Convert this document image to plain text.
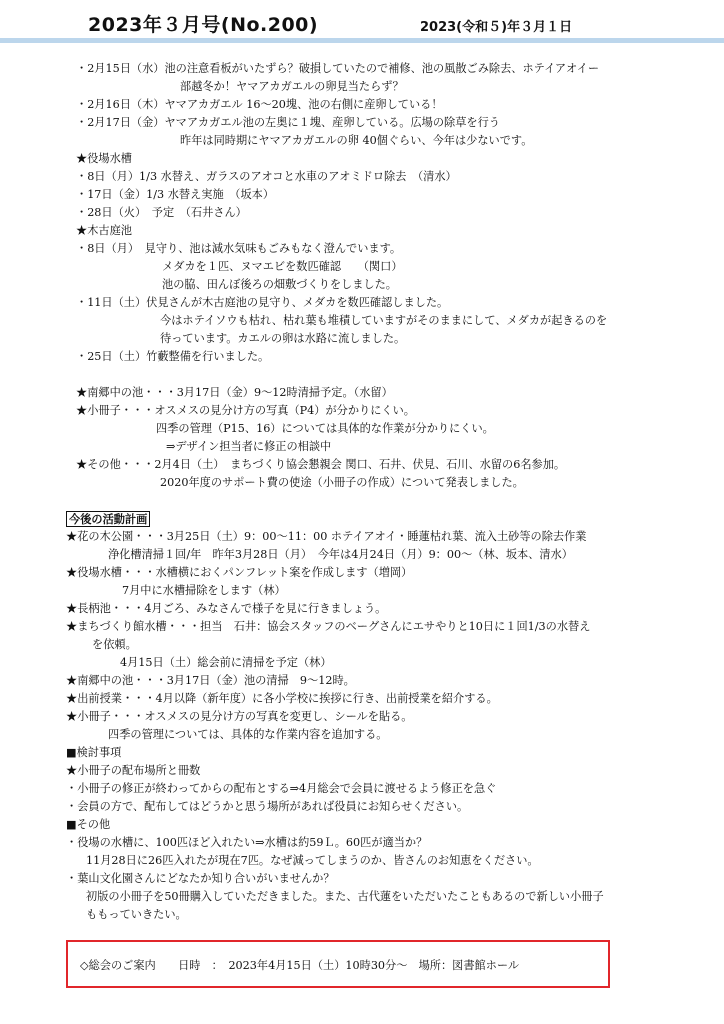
2023年３月号(No.200)	2023(令和５)年３月１日
・2月15日（水）池の注意看板がいたずら？破損していたので補修、池の風散ごみ除去、ホテイアオイー
部越冬か！ヤマアカガエルの卵見当たらず？
・2月16日（木）ヤマアカガエル 16～20塊、池の右側に産卵している！
・2月17日（金）ヤマアカガエル池の左奥に１塊、産卵している。広場の除草を行う
昨年は同時期にヤマアカガエルの卵 40個ぐらい、今年は少ないです。
★役場水槽
・8日（月）1/3 水替え、ガラスのアオコと水車のアオミドロ除去　（清水）
・17日（金）1/3 水替え実施　（坂本）
・28日（火）　予定　（石井さん）
★木古庭池
・8日（月）　見守り、池は減水気味もごみもなく澄んでいます。
メダカを１匹、ヌマエビを数匹確認　　（関口）
池の脇、田んぼ後ろの畑敷づくりをしました。
・11日（土）伏見さんが木古庭池の見守り、メダカを数匹確認しました。
今はホテイソウも枯れ、枯れ葉も堆積していますがそのままにして、メダカが起きるのを
待っています。カエルの卵は水路に流しました。
・25日（土）竹藪整備を行いました。
★南郷中の池・・・3月17日（金）9～12時清掃予定。（水留）
★小冊子・・・オスメスの見分け方の写真（P4）が分かりにくい。
四季の管理（P15、16）については具体的な作業が分かりにくい。
⇒デザイン担当者に修正の相談中
★その他・・・2月4日（土）　まちづくり協会懇親会 関口、石井、伏見、石川、水留の6名参加。
2020年度のサポート費の使途（小冊子の作成）について発表しました。
今後の活動計画
★花の木公園・・・3月25日（土）9：00～11：00 ホテイアオイ・睡蓮枯れ葉、流入土砂等の除去作業
浄化槽清掃１回/年　昨年3月28日（月）　今年は4月24日（月）9：00～（林、坂本、清水）
★役場水槽・・・水槽横におくパンフレット案を作成します（増岡）
7月中に水槽掃除をします（林）
★長柄池・・・4月ごろ、みなさんで様子を見に行きましょう。
★まちづくり館水槽・・・担当　石井：協会スタッフのベーグさんにエサやりと10日に１回1/3の水替え
を依頼。
4月15日（土）総会前に清掃を予定（林）
★南郷中の池・・・3月17日（金）池の清掃　9～12時。
★出前授業・・・4月以降（新年度）に各小学校に挨拶に行き、出前授業を紹介する。
★小冊子・・・オスメスの見分け方の写真を変更し、シールを貼る。
四季の管理については、具体的な作業内容を追加する。
■検討事項
★小冊子の配布場所と冊数
・小冊子の修正が終わってからの配布とする⇒4月総会で会員に渡せるよう修正を急ぐ
・会員の方で、配布してはどうかと思う場所があれば役員にお知らせください。
■その他
・役場の水槽に、100匹ほど入れたい⇒水槽は約59Ｌ。60匹が適当か？
11月28日に26匹入れたが現在7匹。なぜ減ってしまうのか、皆さんのお知恵をください。
・葉山文化園さんにどなたか知り合いがいませんか？
初版の小冊子を50冊購入していただきました。また、古代蓮をいただいたこともあるので新しい小冊子
ももっていきたい。
◇総会のご案内　　日時　：　2023年4月15日（土）10時30分～　場所：図書館ホール
